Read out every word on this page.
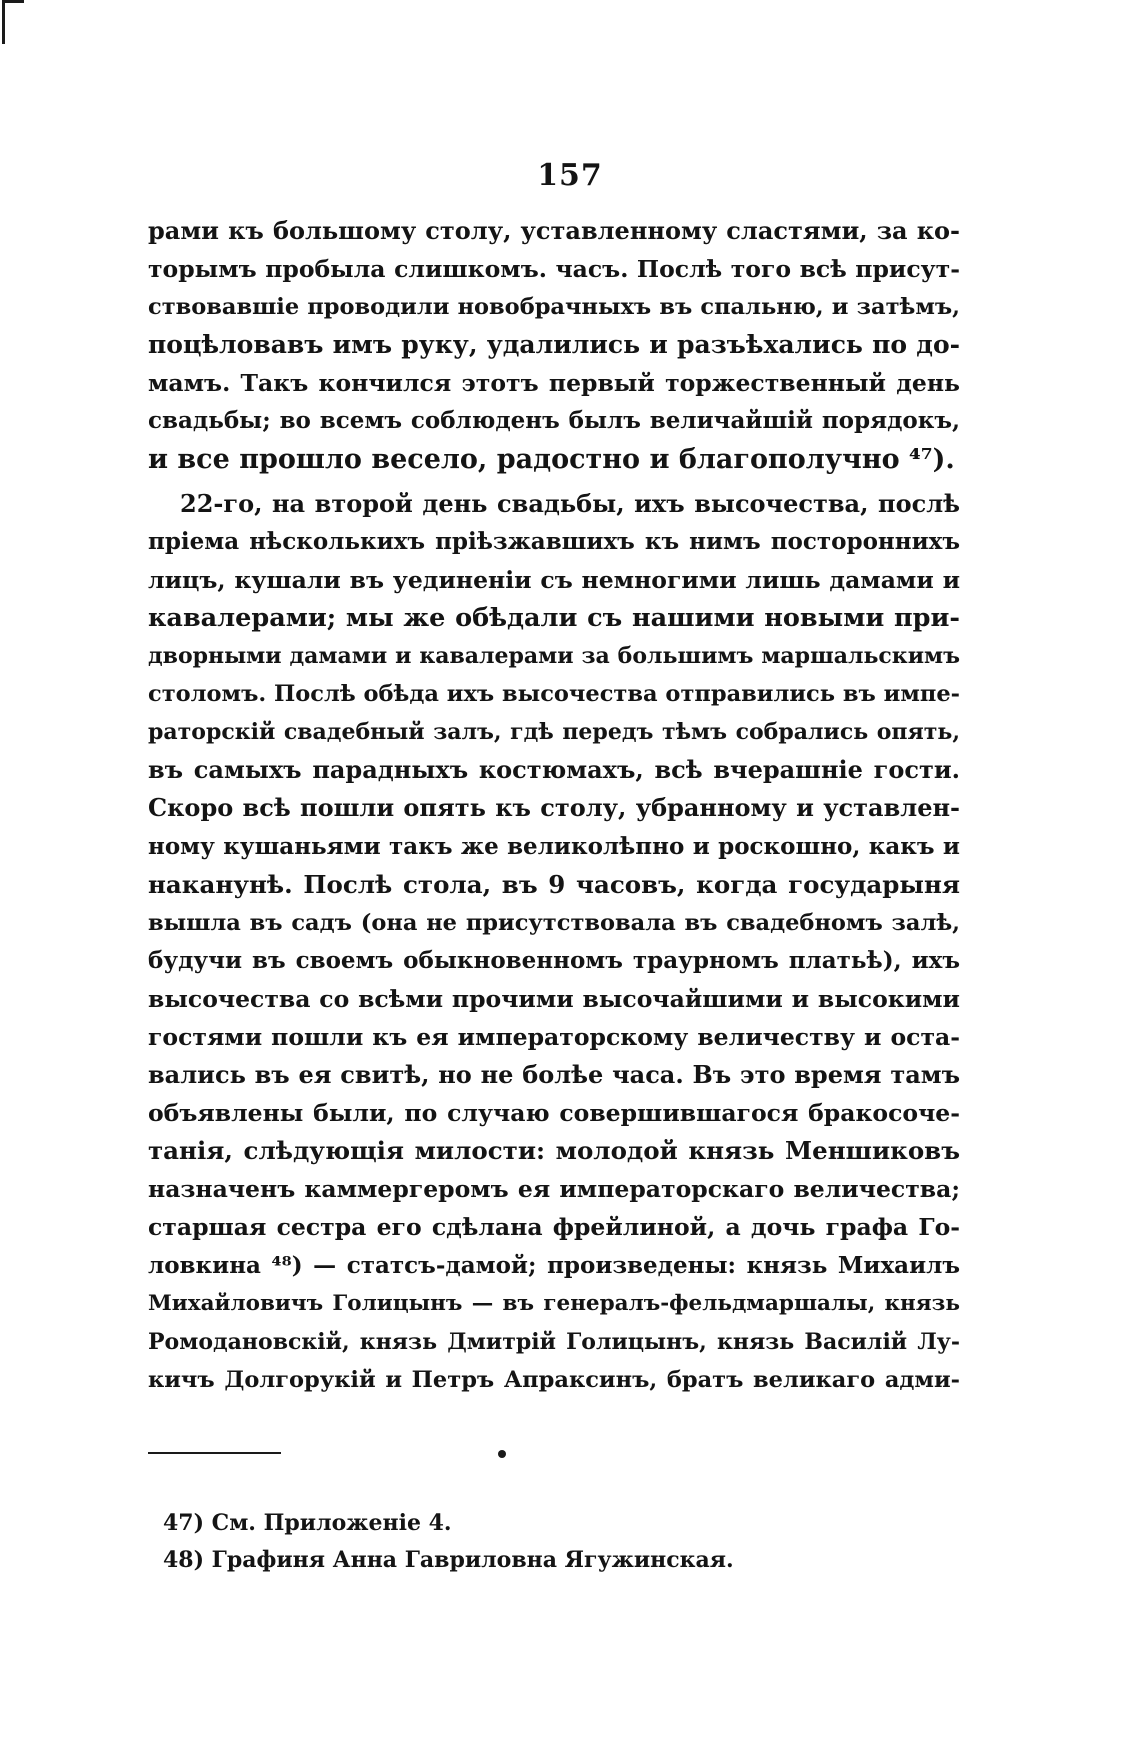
157
рами къ большому столу, уставленному сластями, за ко-
торымъ пробыла слишкомъ. часъ. Послѣ того всѣ присут-
ствовавшіе проводили новобрачныхъ въ спальню, и затѣмъ,
поцѣловавъ имъ руку, удалились и разъѣхались по до-
мамъ. Такъ кончился этотъ первый торжественный день
свадьбы; во всемъ соблюденъ былъ величайшій порядокъ,
и все прошло весело, радостно и благополучно ⁴⁷).
22-го, на второй день свадьбы, ихъ высочества, послѣ
пріема нѣсколькихъ пріѣзжавшихъ къ нимъ постороннихъ
лицъ, кушали въ уединеніи съ немногими лишь дамами и
кавалерами; мы же обѣдали съ нашими новыми при-
дворными дамами и кавалерами за большимъ маршальскимъ
столомъ. Послѣ обѣда ихъ высочества отправились въ импе-
раторскій свадебный залъ, гдѣ передъ тѣмъ собрались опять,
въ самыхъ парадныхъ костюмахъ, всѣ вчерашніе гости.
Скоро всѣ пошли опять къ столу, убранному и уставлен-
ному кушаньями такъ же великолѣпно и роскошно, какъ и
наканунѣ. Послѣ стола, въ 9 часовъ, когда государыня
вышла въ садъ (она не присутствовала въ свадебномъ залѣ,
будучи въ своемъ обыкновенномъ траурномъ платьѣ), ихъ
высочества со всѣми прочими высочайшими и высокими
гостями пошли къ ея императорскому величеству и оста-
вались въ ея свитѣ, но не болѣе часа. Въ это время тамъ
объявлены были, по случаю совершившагося бракосоче-
танія, слѣдующія милости: молодой князь Меншиковъ
назначенъ каммергеромъ ея императорскаго величества;
старшая сестра его сдѣлана фрейлиной, а дочь графа Го-
ловкина ⁴⁸) — статсъ-дамой; произведены: князь Михаилъ
Михайловичъ Голицынъ — въ генералъ-фельдмаршалы, князь
Ромодановскій, князь Дмитрій Голицынъ, князь Василій Лу-
кичъ Долгорукій и Петръ Апраксинъ, братъ великаго адми-
47) См. Приложеніе 4.
48) Графиня Анна Гавриловна Ягужинская.
